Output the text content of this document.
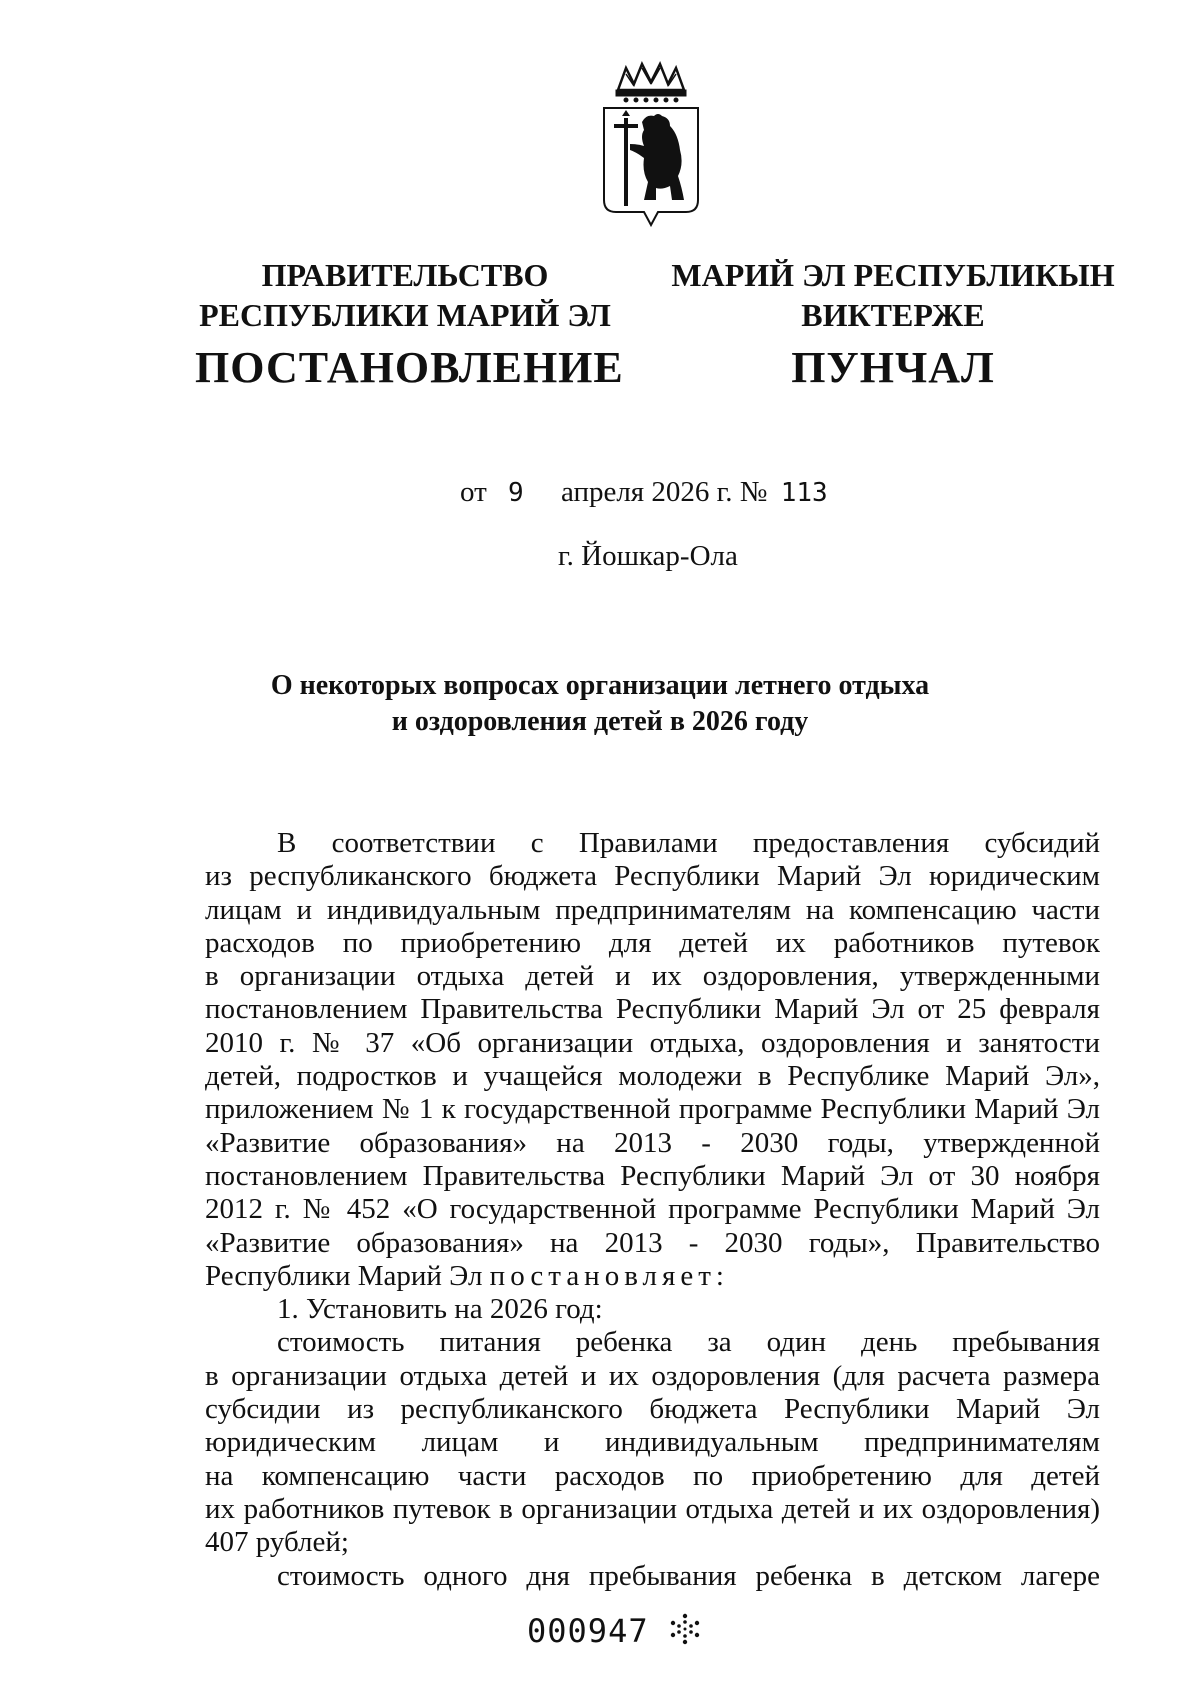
ПРАВИТЕЛЬСТВО
РЕСПУБЛИКИ МАРИЙ ЭЛ
ПОСТАНОВЛЕНИЕ
МАРИЙ ЭЛ РЕСПУБЛИКЫН
ВИКТЕРЖЕ
ПУНЧАЛ
от 9 апреля 2026 г. № 113
г. Йошкар-Ола
О некоторых вопросах организации летнего отдыха
и оздоровления детей в 2026 году
В соответствии с Правилами предоставления субсидий
из республиканского бюджета Республики Марий Эл юридическим
лицам и индивидуальным предпринимателям на компенсацию части
расходов по приобретению для детей их работников путевок
в организации отдыха детей и их оздоровления, утвержденными
постановлением Правительства Республики Марий Эл от 25 февраля
2010 г. № 37 «Об организации отдыха, оздоровления и занятости
детей, подростков и учащейся молодежи в Республике Марий Эл»,
приложением № 1 к государственной программе Республики Марий Эл
«Развитие образования» на 2013 - 2030 годы, утвержденной
постановлением Правительства Республики Марий Эл от 30 ноября
2012 г. № 452 «О государственной программе Республики Марий Эл
«Развитие образования» на 2013 - 2030 годы», Правительство
Республики Марий Эл постановляет:
1. Установить на 2026 год:
стоимость питания ребенка за один день пребывания
в организации отдыха детей и их оздоровления (для расчета размера
субсидии из республиканского бюджета Республики Марий Эл
юридическим лицам и индивидуальным предпринимателям
на компенсацию части расходов по приобретению для детей
их работников путевок в организации отдыха детей и их оздоровления)
407 рублей;
стоимость одного дня пребывания ребенка в детском лагере
000947
